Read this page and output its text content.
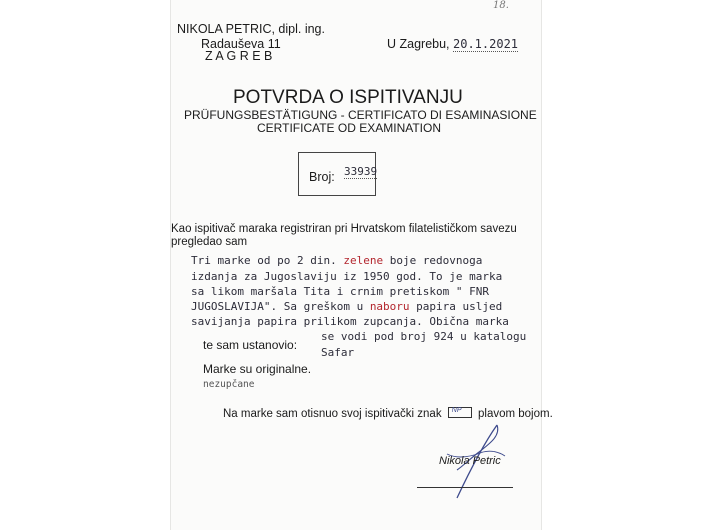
18.
NIKOLA PETRIC, dipl. ing.
Radauševa 11
Z A G R E B
U Zagrebu, 20.1.2021
POTVRDA O ISPITIVANJU
PRÜFUNGSBESTÄTIGUNG - CERTIFICATO DI ESAMINASIONE
CERTIFICATE OD EXAMINATION
Broj: 33939
Kao ispitivač maraka registriran pri Hrvatskom filatelističkom savezu
pregledao sam
Tri marke od po 2 din. zelene boje redovnoga
izdanja za Jugoslaviju iz 1950 god. To je marka
sa likom maršala Tita i crnim pretiskom " FNR
JUGOSLAVIJA". Sa greškom u naboru papira usljed
savijanja papira prilikom zupcanja. Obična marka
te sam ustanovio:
se vodi pod broj 924 u katalogu
Safar
Marke su originalne.
nezupčane
Na marke sam otisnuo svoj ispitivački znak NP plavom bojom.
Nikola Petric
